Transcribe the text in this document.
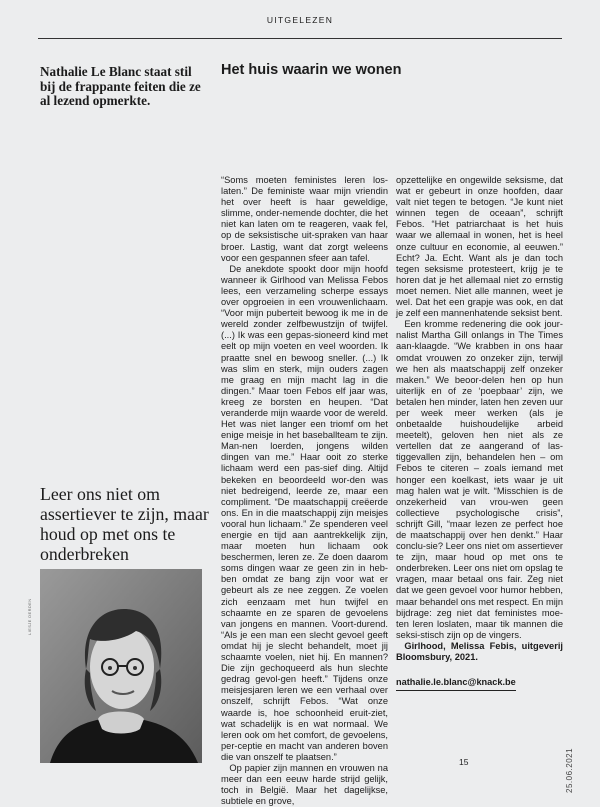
UITGELEZEN

Nathalie Le Blanc staat stil bij de frappante feiten die ze al lezend opmerkte.

Het huis waarin we wonen

Leer ons niet om assertiever te zijn, maar houd op met ons te onderbreken

LIESJE DERDEN

“Soms moeten feministes leren los-laten.” De feministe waar mijn vriendin het over heeft is haar geweldige, slimme, onder-nemende dochter, die het niet kan laten om te reageren, vaak fel, op de seksistische uit-spraken van haar broer. Lastig, want dat zorgt weleens voor een gespannen sfeer aan tafel.

De anekdote spookt door mijn hoofd wanneer ik Girlhood van Melissa Febos lees, een verzameling scherpe essays over opgroeien in een vrouwenlichaam. “Voor mijn puberteit bewoog ik me in de wereld zonder zelfbewustzijn of twijfel. (...) Ik was een gepas-sioneerd kind met eelt op mijn voeten en veel woorden. Ik praatte snel en bewoog sneller. (...) Ik was slim en sterk, mijn ouders zagen me graag en mijn macht lag in die dingen.” Maar toen Febos elf jaar was, kreeg ze borsten en heupen. “Dat veranderde mijn waarde voor de wereld. Het was niet langer een triomf om het enige meisje in het baseballteam te zijn. Man-nen loerden, jongens wilden dingen van me.” Haar ooit zo sterke lichaam werd een pas-sief ding. Altijd bekeken en beoordeeld wor-den was niet bedreigend, leerde ze, maar een compliment. “De maatschappij creëerde ons. En in die maatschappij zijn meisjes vooral hun lichaam.” Ze spenderen veel energie en tijd aan aantrekkelijk zijn, maar moeten hun lichaam ook beschermen, leren ze. Ze doen daarom soms dingen waar ze geen zin in heb-ben omdat ze bang zijn voor wat er gebeurt als ze nee zeggen. Ze voelen zich eenzaam met hun twijfel en schaamte en ze sparen de gevoelens van jongens en mannen. Voort-durend. “Als je een man een slecht gevoel geeft omdat hij je slecht behandelt, moet jij schaamte voelen, niet hij. En mannen? Die zijn gechoqueerd als hun slechte gedrag gevol-gen heeft.” Tijdens onze meisjesjaren leren we een verhaal over onszelf, schrijft Febos. “Wat onze waarde is, hoe schoonheid eruit-ziet, wat schadelijk is en wat normaal. We leren ook om het comfort, de gevoelens, per-ceptie en macht van anderen boven die van onszelf te plaatsen.”

Op papier zijn mannen en vrouwen na meer dan een eeuw harde strijd gelijk, toch in België. Maar het dagelijkse, subtiele en grove,

opzettelijke en ongewilde seksisme, dat wat er gebeurt in onze hoofden, daar valt niet tegen te betogen. “Je kunt niet winnen tegen de oceaan”, schrijft Febos. “Het patriarchaat is het huis waar we allemaal in wonen, het is heel onze cultuur en economie, al eeuwen.” Echt? Ja. Echt. Want als je dan toch tegen seksisme protesteert, krijg je te horen dat je het allemaal niet zo ernstig moet nemen. Niet alle mannen, weet je wel. Dat het een grapje was ook, en dat je zelf een mannenhatende seksist bent.

Een kromme redenering die ook jour-nalist Martha Gill onlangs in The Times aan-klaagde. “We krabben in ons haar omdat vrouwen zo onzeker zijn, terwijl we hen als maatschappij zelf onzeker maken.” We beoor-delen hen op hun uiterlijk en of ze ‘poepbaar’ zijn, we betalen hen minder, laten hen zeven uur per week meer werken (als je onbetaalde huishoudelijke arbeid meetelt), geloven hen niet als ze vertellen dat ze aangerand of las-tiggevallen zijn, behandelen hen – om Febos te citeren – zoals iemand met honger een koelkast, iets waar je uit mag halen wat je wilt. “Misschien is de onzekerheid van vrou-wen geen collectieve psychologische crisis”, schrijft Gill, “maar lezen ze perfect hoe de maatschappij over hen denkt.” Haar conclu-sie? Leer ons niet om assertiever te zijn, maar houd op met ons te onderbreken. Leer ons niet om opslag te vragen, maar betaal ons fair. Zeg niet dat we geen gevoel voor humor hebben, maar behandel ons met respect. En mijn bijdrage: zeg niet dat feministes moe-ten leren loslaten, maar tik mannen die seksi-stisch zijn op de vingers.

Girlhood, Melissa Febis, uitgeverij Bloomsbury, 2021.

nathalie.le.blanc@knack.be
15	25.06.2021
